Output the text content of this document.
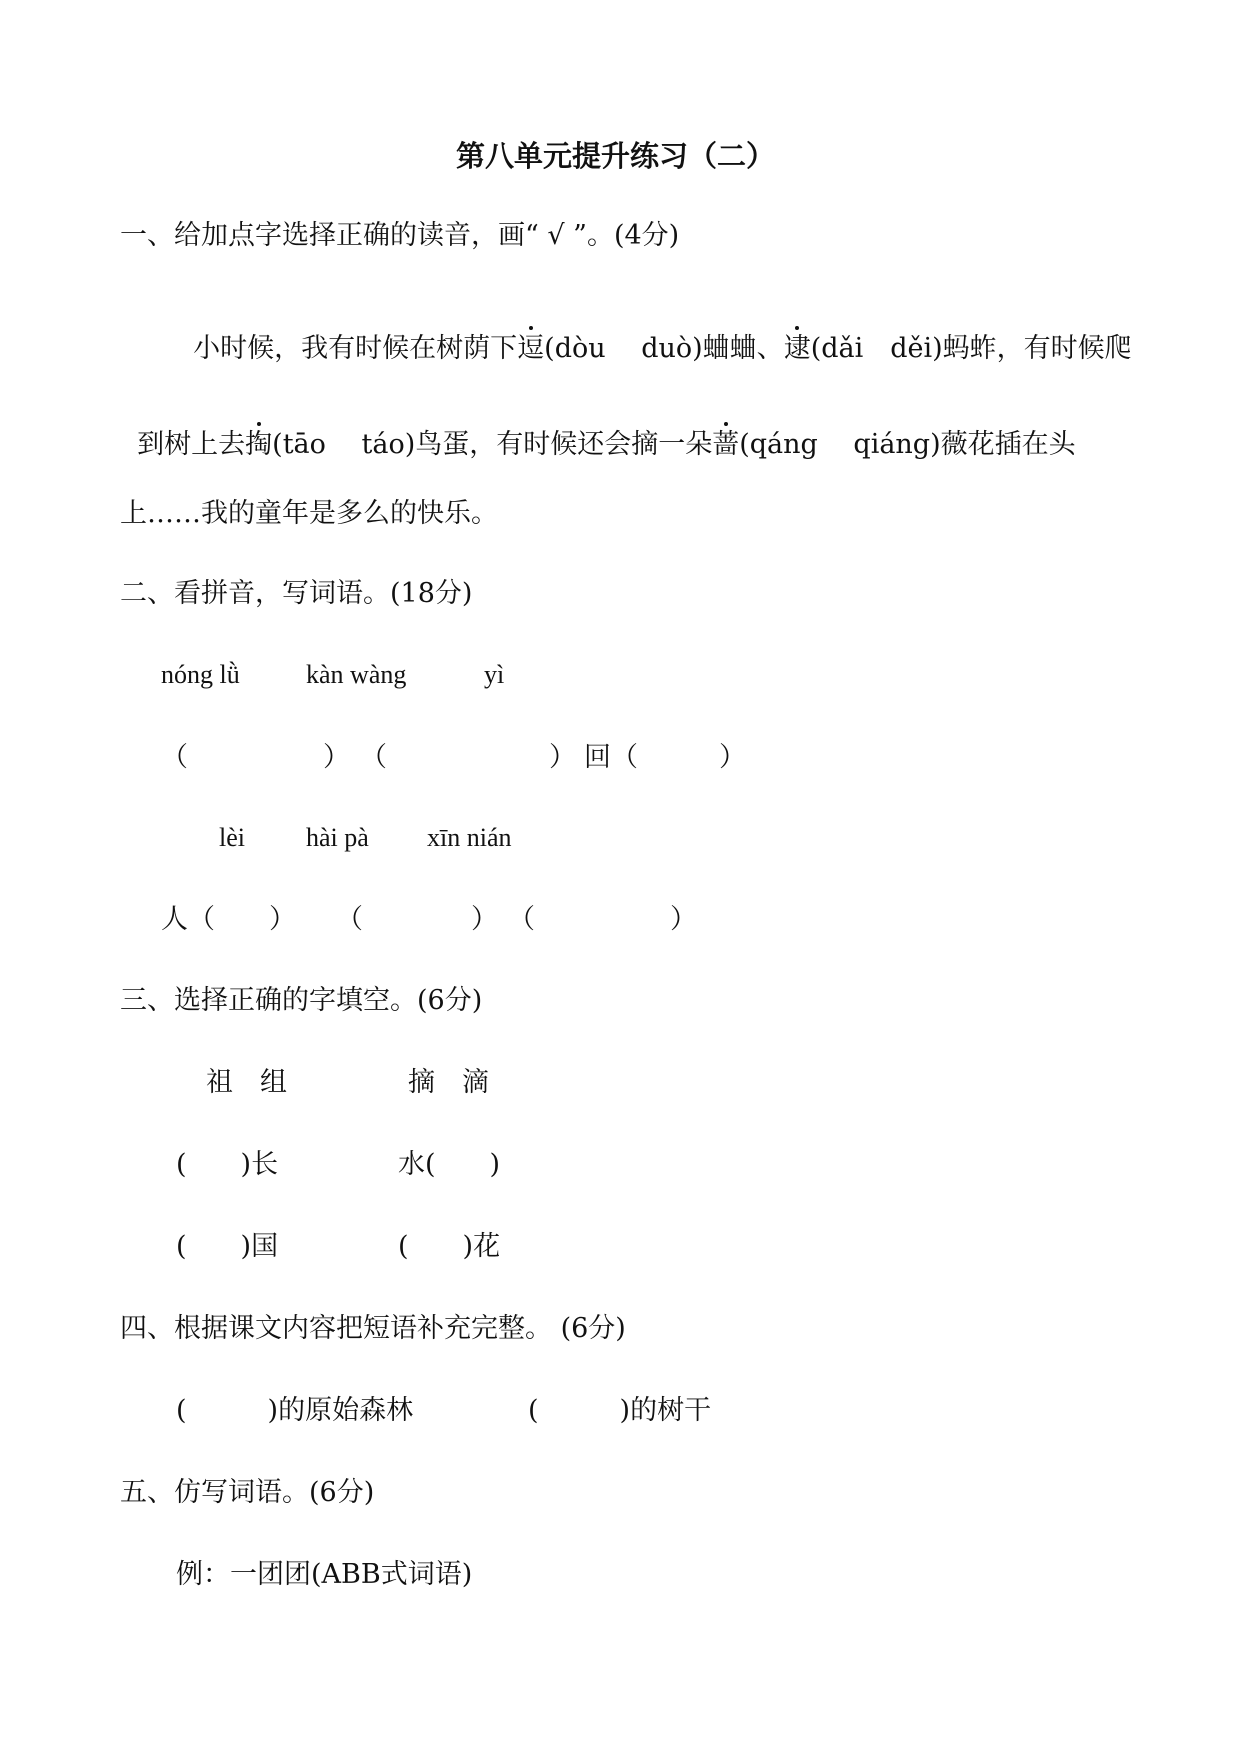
第八单元提升练习（二）
一、给加点字选择正确的读音，画“ √ ”。(4分)

小时候，我有时候在树荫下逗(dòu　 duò)蛐蛐、逮(dǎi　děi)蚂蚱，有时候爬

到树上去掏(tāo　 táo)鸟蛋，有时候还会摘一朵蔷(qáng　 qiáng)薇花插在头

上……我的童年是多么的快乐。
二、看拼音，写词语。(18分)
nóng lǜ	kàn wàng	yì
（　　　　　） （　　　　　　） 回（　　　）
lèi hài pà xīn nián
人（　　） （　　　　） （　　　　　）
三、选择正确的字填空。(6分)
祖　组	摘　滴
(　　)长	水(　　)
(　　)国	(　　)花
四、根据课文内容把短语补充完整。 (6分)
(　　　)的原始森林	(　　　)的树干
五、仿写词语。(6分)
例：一团团(ABB式词语)
